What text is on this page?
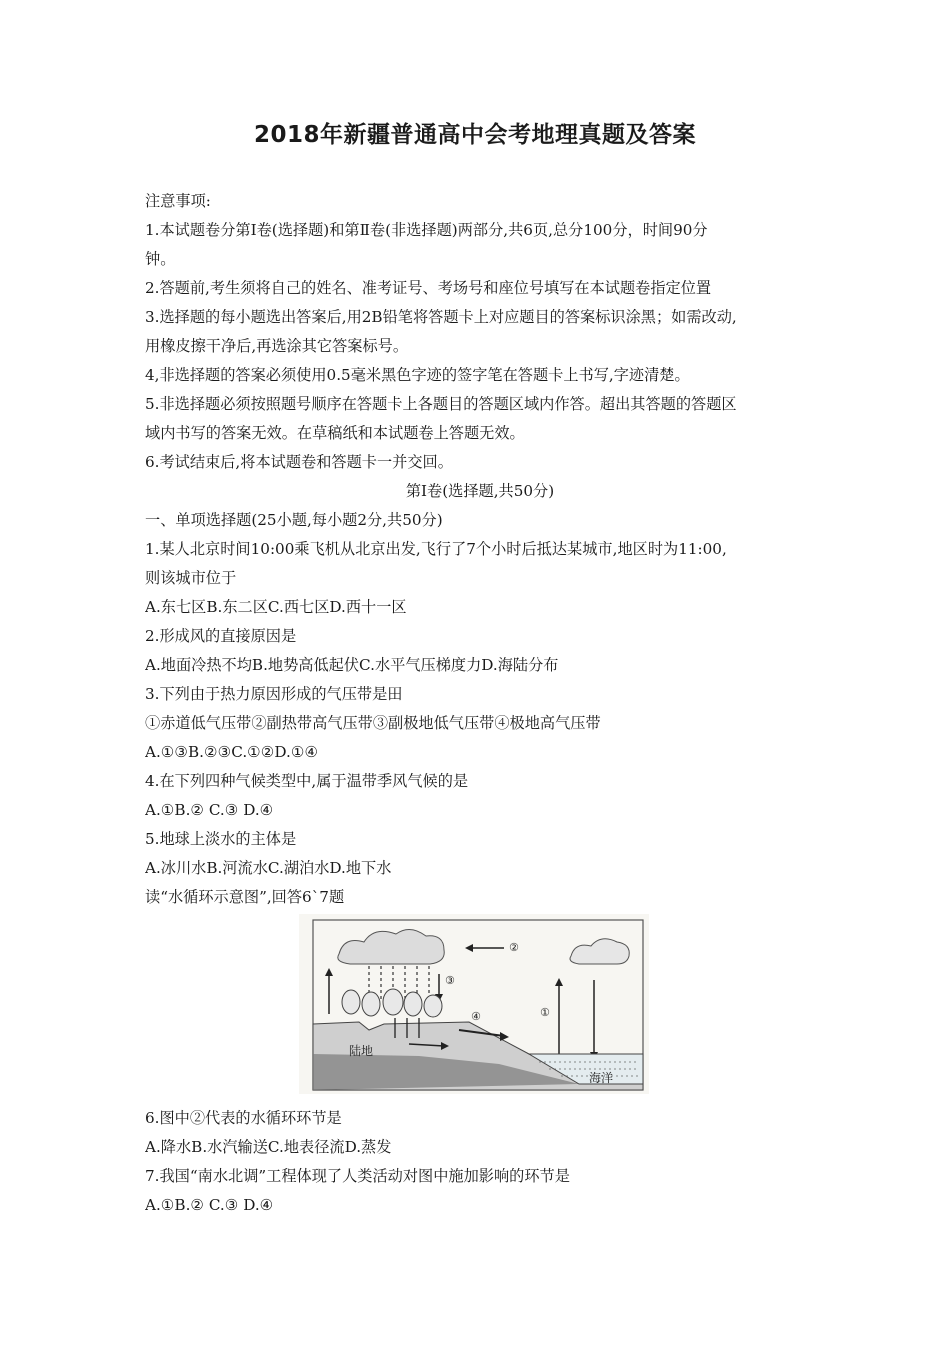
2018年新疆普通高中会考地理真题及答案
注意事项:
1.本试题卷分第Ⅰ卷(选择题)和第Ⅱ卷(非选择题)两部分,共6页,总分100分，时间90分
钟。
2.答题前,考生须将自己的姓名、准考证号、考场号和座位号填写在本试题卷指定位置
3.选择题的每小题选出答案后,用2B铅笔将答题卡上对应题目的答案标识涂黑；如需改动,
用橡皮擦干净后,再选涂其它答案标号。
4,非选择题的答案必须使用0.5毫米黑色字迹的签字笔在答题卡上书写,字迹清楚。
5.非选择题必须按照题号顺序在答题卡上各题目的答题区域内作答。超出其答题的答题区
域内书写的答案无效。在草稿纸和本试题卷上答题无效。
6.考试结束后,将本试题卷和答题卡一并交回。
第Ⅰ卷(选择题,共50分)
一、单项选择题(25小题,每小题2分,共50分)
1.某人北京时间10:00乘飞机从北京出发,飞行了7个小时后抵达某城市,地区时为11:00,
则该城市位于
A.东七区B.东二区C.西七区D.西十一区
2.形成风的直接原因是
A.地面冷热不均B.地势高低起伏C.水平气压梯度力D.海陆分布
3.下列由于热力原因形成的气压带是田
①赤道低气压带②副热带高气压带③副极地低气压带④极地高气压带
A.①③B.②③C.①②D.①④
4.在下列四种气候类型中,属于温带季风气候的是
A.①B.② C.③ D.④
5.地球上淡水的主体是
A.冰川水B.河流水C.湖泊水D.地下水
读“水循环示意图”,回答6`7题
陆地
海洋
①
②
③
④
6.图中②代表的水循环环节是
A.降水B.水汽输送C.地表径流D.蒸发
7.我国“南水北调”工程体现了人类活动对图中施加影响的环节是
A.①B.② C.③ D.④
